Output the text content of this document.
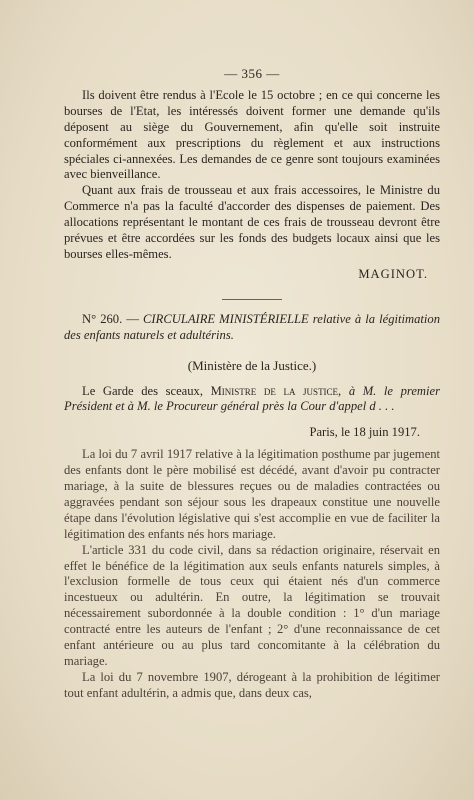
— 356 —

Ils doivent être rendus à l'Ecole le 15 octobre ; en ce qui concerne les bourses de l'Etat, les intéressés doivent former une demande qu'ils déposent au siège du Gouvernement, afin qu'elle soit instruite conformément aux prescriptions du règlement et aux instructions spéciales ci-annexées. Les demandes de ce genre sont toujours examinées avec bienveillance.

Quant aux frais de trousseau et aux frais accessoires, le Ministre du Commerce n'a pas la faculté d'accorder des dispenses de paiement. Des allocations représentant le montant de ces frais de trousseau devront être prévues et être accordées sur les fonds des budgets locaux ainsi que les bourses elles-mêmes.

MAGINOT.

N° 260. — CIRCULAIRE MINISTÉRIELLE relative à la légitimation des enfants naturels et adultérins.

(Ministère de la Justice.)

Le Garde des sceaux, Ministre de la justice, à M. le premier Président et à M. le Procureur général près la Cour d'appel d . . .

Paris, le 18 juin 1917.

La loi du 7 avril 1917 relative à la légitimation posthume par jugement des enfants dont le père mobilisé est décédé, avant d'avoir pu contracter mariage, à la suite de blessures reçues ou de maladies contractées ou aggravées pendant son séjour sous les drapeaux constitue une nouvelle étape dans l'évolution législative qui s'est accomplie en vue de faciliter la légitimation des enfants nés hors mariage.

L'article 331 du code civil, dans sa rédaction originaire, réservait en effet le bénéfice de la légitimation aux seuls enfants naturels simples, à l'exclusion formelle de tous ceux qui étaient nés d'un commerce incestueux ou adultérin. En outre, la légitimation se trouvait nécessairement subordonnée à la double condition : 1° d'un mariage contracté entre les auteurs de l'enfant ; 2° d'une reconnaissance de cet enfant antérieure ou au plus tard concomitante à la célébration du mariage.

La loi du 7 novembre 1907, dérogeant à la prohibition de légitimer tout enfant adultérin, a admis que, dans deux cas,
